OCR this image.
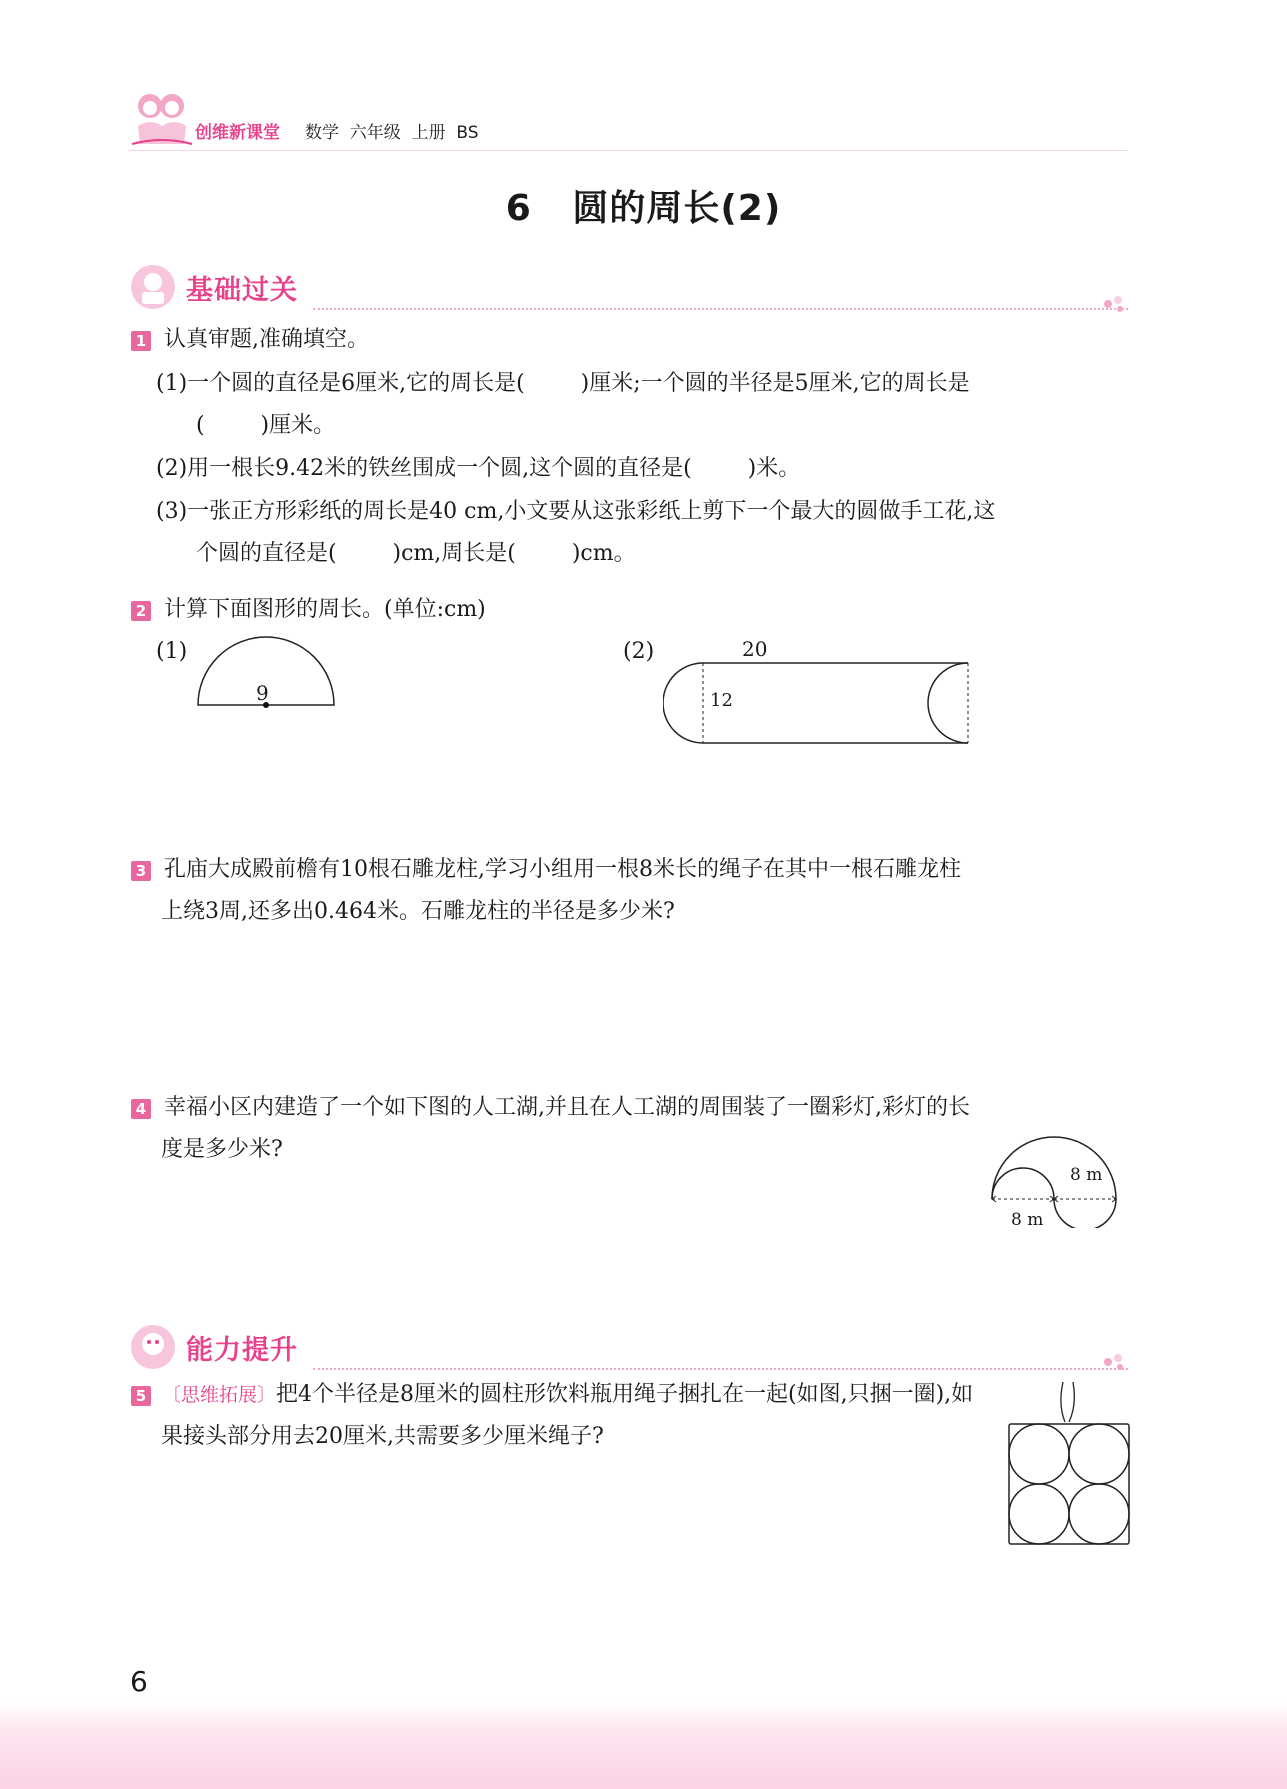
创维新课堂 数学  六年级  上册  BS
6   圆的周长(2)
基础过关
1 认真审题,准确填空。
(1)一个圆的直径是6厘米,它的周长是(        )厘米;一个圆的半径是5厘米,它的周长是
(        )厘米。
(2)用一根长9.42米的铁丝围成一个圆,这个圆的直径是(        )米。
(3)一张正方形彩纸的周长是40 cm,小文要从这张彩纸上剪下一个最大的圆做手工花,这
个圆的直径是(        )cm,周长是(        )cm。
2 计算下面图形的周长。(单位:cm)
(1)
9
(2)	20
12
3 孔庙大成殿前檐有10根石雕龙柱,学习小组用一根8米长的绳子在其中一根石雕龙柱
上绕3周,还多出0.464米。石雕龙柱的半径是多少米?
4 幸福小区内建造了一个如下图的人工湖,并且在人工湖的周围装了一圈彩灯,彩灯的长
度是多少米?
8 m
8 m
能力提升
5 〔思维拓展〕把4个半径是8厘米的圆柱形饮料瓶用绳子捆扎在一起(如图,只捆一圈),如
果接头部分用去20厘米,共需要多少厘米绳子?
6
